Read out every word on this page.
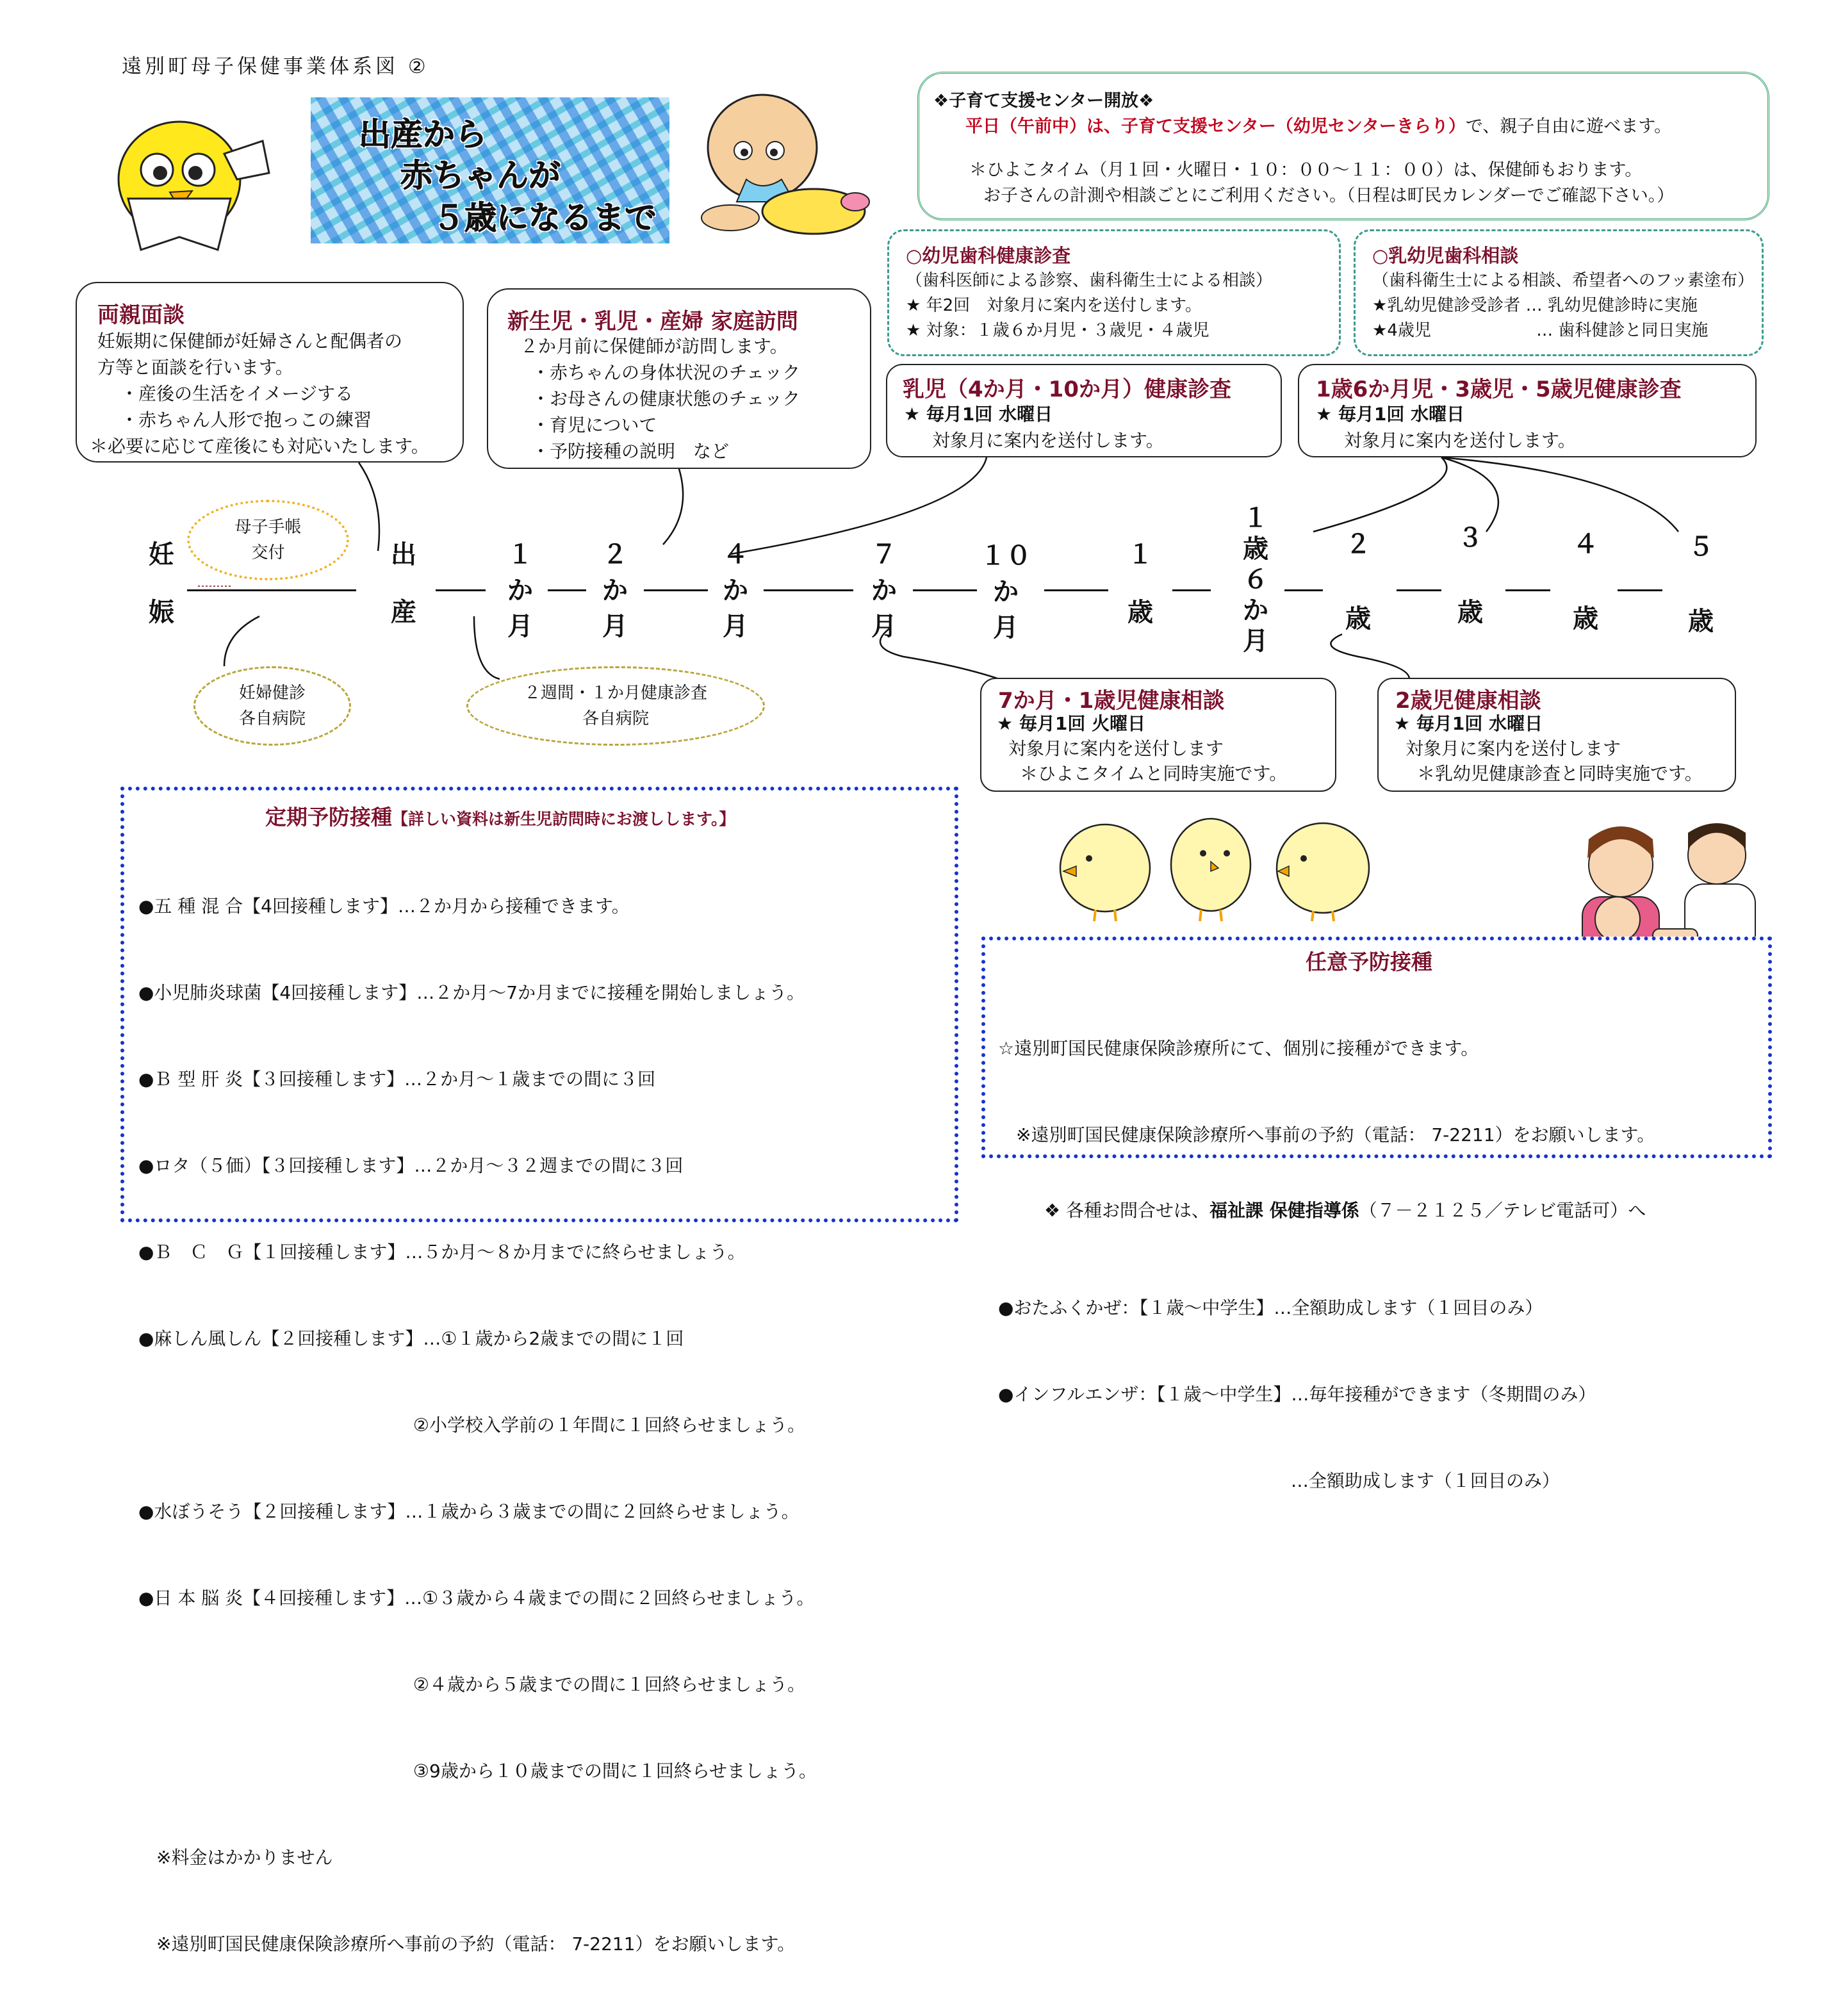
遠別町母子保健事業体系図 ②
出産から
赤ちゃんが
５歳になるまで
❖子育て支援センター開放❖
平日（午前中）は、子育て支援センター（幼児センターきらり）で、親子自由に遊べます。
＊ひよこタイム（月１回・火曜日・１０：００～１１：００）は、保健師もおります。
お子さんの計測や相談ごとにご利用ください。（日程は町民カレンダーでご確認下さい。）
○幼児歯科健康診査
（歯科医師による診察、歯科衛生士による相談）
★ 年2回　対象月に案内を送付します。
★ 対象：１歳６か月児・３歳児・４歳児
○乳幼児歯科相談
（歯科衛生士による相談、希望者へのフッ素塗布）
★乳幼児健診受診者 … 乳幼児健診時に実施
★4歳児　　　　　　 … 歯科健診と同日実施
両親面談
妊娠期に保健師が妊婦さんと配偶者の
方等と面談を行います。
・産後の生活をイメージする
・赤ちゃん人形で抱っこの練習
＊必要に応じて産後にも対応いたします。
新生児・乳児・産婦 家庭訪問
２か月前に保健師が訪問します。
・赤ちゃんの身体状況のチェック
・お母さんの健康状態のチェック
・育児について
・予防接種の説明　など
乳児（4か月・10か月）健康診査
★ 毎月1回 水曜日
対象月に案内を送付します。
1歳6か月児・3歳児・5歳児健康診査
★ 毎月1回 水曜日
対象月に案内を送付します。
妊
娠
母子手帳
交付	出
産
１
か
月
２
か
月
４
か
月
７
か
月
１０
か
月
１
歳
１
歳
６
か
月
２
歳
３
歳
４
歳
５
歳
妊婦健診
各自病院
２週間・１か月健康診査
各自病院
7か月・1歳児健康相談
★ 毎月1回 火曜日
対象月に案内を送付します
＊ひよこタイムと同時実施です。
2歳児健康相談
★ 毎月1回 水曜日
対象月に案内を送付します
＊乳幼児健康診査と同時実施です。
定期予防接種【詳しい資料は新生児訪問時にお渡しします。】

●五 種 混 合【4回接種します】…２か月から接種できます。

●小児肺炎球菌【4回接種します】…２か月～7か月までに接種を開始しましょう。

●Ｂ 型 肝 炎【３回接種します】…２か月～１歳までの間に３回

●ロタ（５価）【３回接種します】…２か月～３２週までの間に３回

●Ｂ　Ｃ　Ｇ【１回接種します】…５か月～８か月までに終らせましょう。

●麻しん風しん【２回接種します】…①１歳から2歳までの間に１回

　　　　　　　　　　　　　　　 ②小学校入学前の１年間に１回終らせましょう。

●水ぼうそう【２回接種します】…１歳から３歳までの間に２回終らせましょう。

●日 本 脳 炎【４回接種します】…①３歳から４歳までの間に２回終らせましょう。

　　　　　　　　　　　　　　　 ②４歳から５歳までの間に１回終らせましょう。

　　　　　　　　　　　　　　　 ③9歳から１０歳までの間に１回終らせましょう。

　※料金はかかりません

　※遠別町国民健康保険診療所へ事前の予約（電話： 7-2211）をお願いします。

任意予防接種

☆遠別町国民健康保険診療所にて、個別に接種ができます。

　※遠別町国民健康保険診療所へ事前の予約（電話： 7-2211）をお願いします。

●おたふくかぜ：【１歳～中学生】…全額助成します（１回目のみ）

●インフルエンザ：【１歳～中学生】…毎年接種ができます（冬期間のみ）

　　　　　　　　　　　　　　　　 …全額助成します（１回目のみ）

❖ 各種お問合せは、福祉課 保健指導係（７－２１２５／テレビ電話可）へ
